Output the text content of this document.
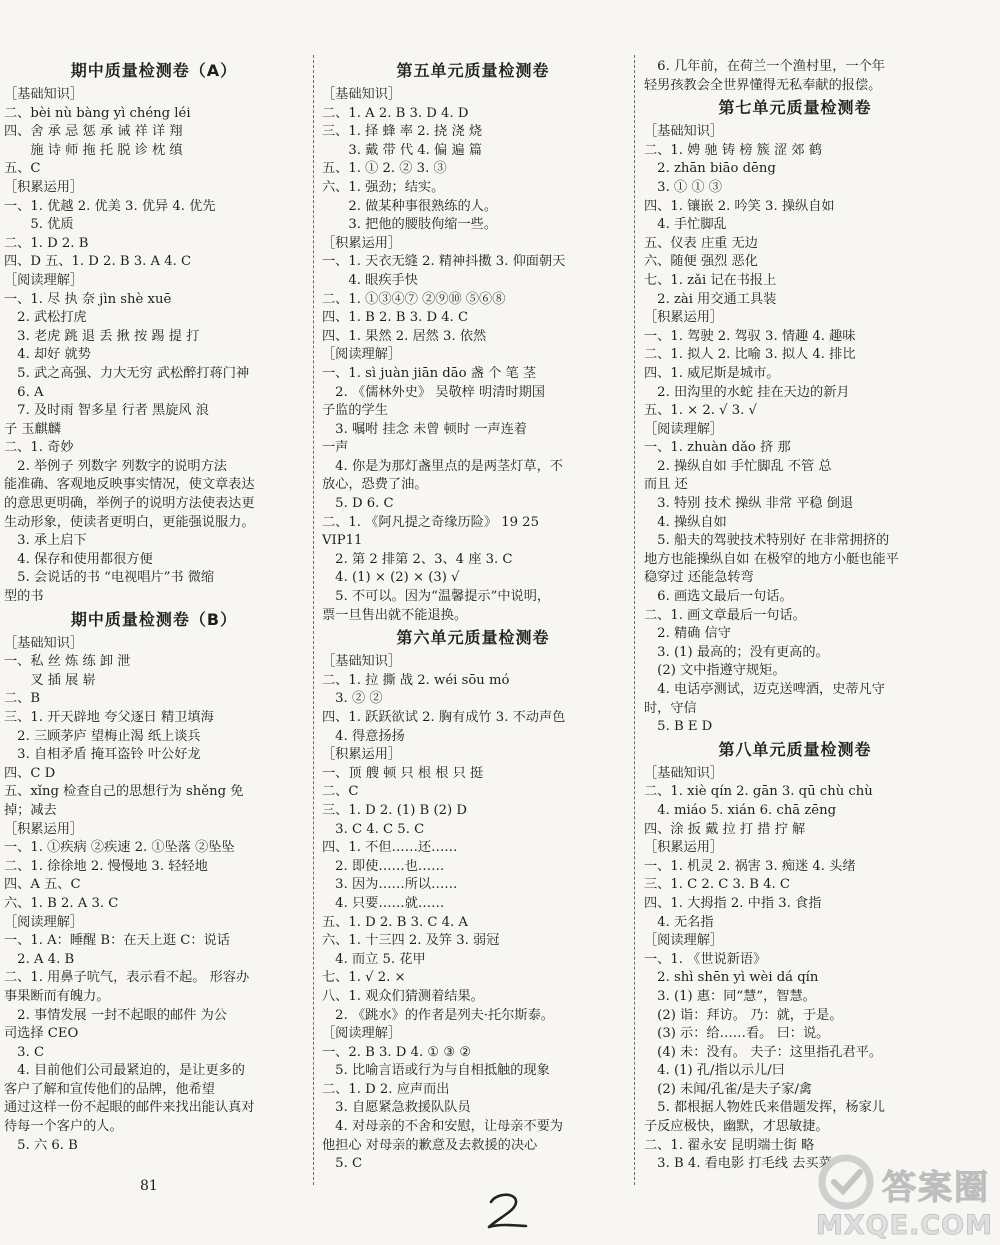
期中质量检测卷（A）
［基础知识］
二、bèi nù bàng yì chéng léi
四、舍 承 忌 惩 承 诫 祥 详 翔
　　施 诗 师 拖 托 脱 诊 枕 缜
五、C
［积累运用］
一、1. 优越 2. 优美 3. 优异 4. 优先
　　5. 优质
二、1. D 2. B
四、D 五、1. D 2. B 3. A 4. C
［阅读理解］
一、1. 尽 执 奈 jìn shè xuē
　2. 武松打虎
　3. 老虎 跳 退 丢 揪 按 踢 提 打
　4. 却好 就势
　5. 武之高强、力大无穷 武松醉打蒋门神
　6. A
　7. 及时雨 智多星 行者 黑旋风 浪
子 玉麒麟
二、1. 奇妙
　2. 举例子 列数字 列数字的说明方法
能准确、客观地反映事实情况，使文章表达
的意思更明确，举例子的说明方法使表达更
生动形象，使读者更明白，更能强说服力。
　3. 承上启下
　4. 保存和使用都很方便
　5. 会说话的书 “电视唱片”书 微缩
型的书
期中质量检测卷（B）
［基础知识］
一、私 丝 炼 练 卸 泄
　　叉 插 展 崭
二、B
三、1. 开天辟地 夸父逐日 精卫填海
　2. 三顾茅庐 望梅止渴 纸上谈兵
　3. 自相矛盾 掩耳盗铃 叶公好龙
四、C D
五、xǐng 检查自己的思想行为 shěng 免
掉；减去
［积累运用］
一、1. ①疾病 ②疾速 2. ①坠落 ②坠坠
二、1. 徐徐地 2. 慢慢地 3. 轻轻地
四、A 五、C
六、1. B 2. A 3. C
［阅读理解］
一、1. A：睡醒 B：在天上逛 C：说话
　2. A 4. B
二、1. 用鼻子吭气，表示看不起。 形容办
事果断而有魄力。
　2. 事情发展 一封不起眼的邮件 为公
司选择 CEO
　3. C
　4. 目前他们公司最紧迫的，是让更多的
客户了解和宣传他们的品牌，他希望
通过这样一份不起眼的邮件来找出能认真对
待每一个客户的人。
　5. 六 6. B
第五单元质量检测卷
［基础知识］
二、1. A 2. B 3. D 4. D
三、1. 择 蜂 率 2. 挠 浇 烧
　　3. 戴 带 代 4. 偏 遍 篇
五、1. ① 2. ② 3. ③
六、1. 强劲；结实。
　　2. 做某种事很熟练的人。
　　3. 把他的腰肢佝缩一些。
［积累运用］
一、1. 天衣无缝 2. 精神抖擞 3. 仰面朝天
　　4. 眼疾手快
二、1. ①③④⑦ ②⑨⑩ ⑤⑥⑧
四、1. B 2. B 3. D 4. C
四、1. 果然 2. 居然 3. 依然
［阅读理解］
一、1. sì juàn jiān dāo 盏 个 笔 茎
　2. 《儒林外史》 吴敬梓 明清时期国
子监的学生
　3. 嘱咐 挂念 未曾 顿时 一声连着
一声
　4. 你是为那灯盏里点的是两茎灯草，不
放心，恐费了油。
　5. D 6. C
二、1. 《阿凡提之奇缘历险》 19 25
VIP11
　2. 第 2 排第 2、3、4 座 3. C
　4. (1) × (2) × (3) √
　5. 不可以。因为“温馨提示”中说明，
票一旦售出就不能退换。
第六单元质量检测卷
［基础知识］
二、1. 拉 撕 战 2. wéi sōu mó
　3. ② ②
四、1. 跃跃欲试 2. 胸有成竹 3. 不动声色
　4. 得意扬扬
［积累运用］
一、顶 艘 顿 只 根 根 只 挺
二、C
三、1. D 2. (1) B (2) D
　3. C 4. C 5. C
四、1. 不但……还……
　2. 即使……也……
　3. 因为……所以……
　4. 只要……就……
五、1. D 2. B 3. C 4. A
六、1. 十三四 2. 及笄 3. 弱冠
　4. 而立 5. 花甲
七、1. √ 2. ×
八、1. 观众们猜测着结果。
　2. 《跳水》的作者是列夫·托尔斯泰。
［阅读理解］
一、2. B 3. D 4. ① ③ ②
　5. 比喻言语或行为与自相抵触的现象
二、1. D 2. 应声而出
　3. 自愿紧急救援队队员
　4. 对母亲的不舍和安慰，让母亲不要为
他担心 对母亲的歉意及去救援的决心
　5. C
　6. 几年前，在荷兰一个渔村里，一个年
轻男孩教会全世界懂得无私奉献的报偿。
第七单元质量检测卷
［基础知识］
二、1. 娉 驰 铸 榜 簇 涩 郊 鹤
　2. zhān biāo dēng
　3. ① ① ③
四、1. 镶嵌 2. 吟笑 3. 操纵自如
　4. 手忙脚乱
五、仪表 庄重 无边
六、随便 强烈 恶化
七、1. zǎi 记在书报上
　2. zài 用交通工具装
［积累运用］
一、1. 驾驶 2. 驾驭 3. 情趣 4. 趣味
二、1. 拟人 2. 比喻 3. 拟人 4. 排比
四、1. 威尼斯是城市。
　2. 田沟里的水蛇 挂在天边的新月
五、1. × 2. √ 3. √
［阅读理解］
一、1. zhuàn dǎo 挤 那
　2. 操纵自如 手忙脚乱 不管 总
而且 还
　3. 特别 技术 操纵 非常 平稳 倒退
　4. 操纵自如
　5. 船夫的驾驶技术特别好 在非常拥挤的
地方也能操纵自如 在极窄的地方小艇也能平
稳穿过 还能急转弯
　6. 画选文最后一句话。
二、1. 画文章最后一句话。
　2. 精确 信守
　3. (1) 最高的；没有更高的。
　(2) 文中指遵守规矩。
　4. 电话亭测试，迈克送啤酒，史蒂凡守
时，守信
　5. B E D
第八单元质量检测卷
［基础知识］
二、1. xiè qín 2. gān 3. qū chù chù
　4. miáo 5. xián 6. chā zēng
四、涂 扳 戴 拉 打 措 拧 解
［积累运用］
一、1. 机灵 2. 祸害 3. 痴迷 4. 头绪
三、1. C 2. C 3. B 4. C
四、1. 大拇指 2. 中指 3. 食指
　4. 无名指
［阅读理解］
一、1. 《世说新语》
　2. shì shēn yì wèi dá qín
　3. (1) 惠：同“慧”，智慧。
　(2) 诣：拜访。 乃：就，于是。
　(3) 示：给……看。 曰：说。
　(4) 未：没有。 夫子：这里指孔君平。
　4. (1) 孔/指以示儿/曰
　(2) 未闻/孔雀/是夫子家/禽
　5. 都根据人物姓氏来借题发挥，杨家儿
子反应极快，幽默，才思敏捷。
二、1. 翟永安 昆明端士街 略
　3. B 4. 看电影 打毛线 去买菜
81	答案圈
MXQE.COM
